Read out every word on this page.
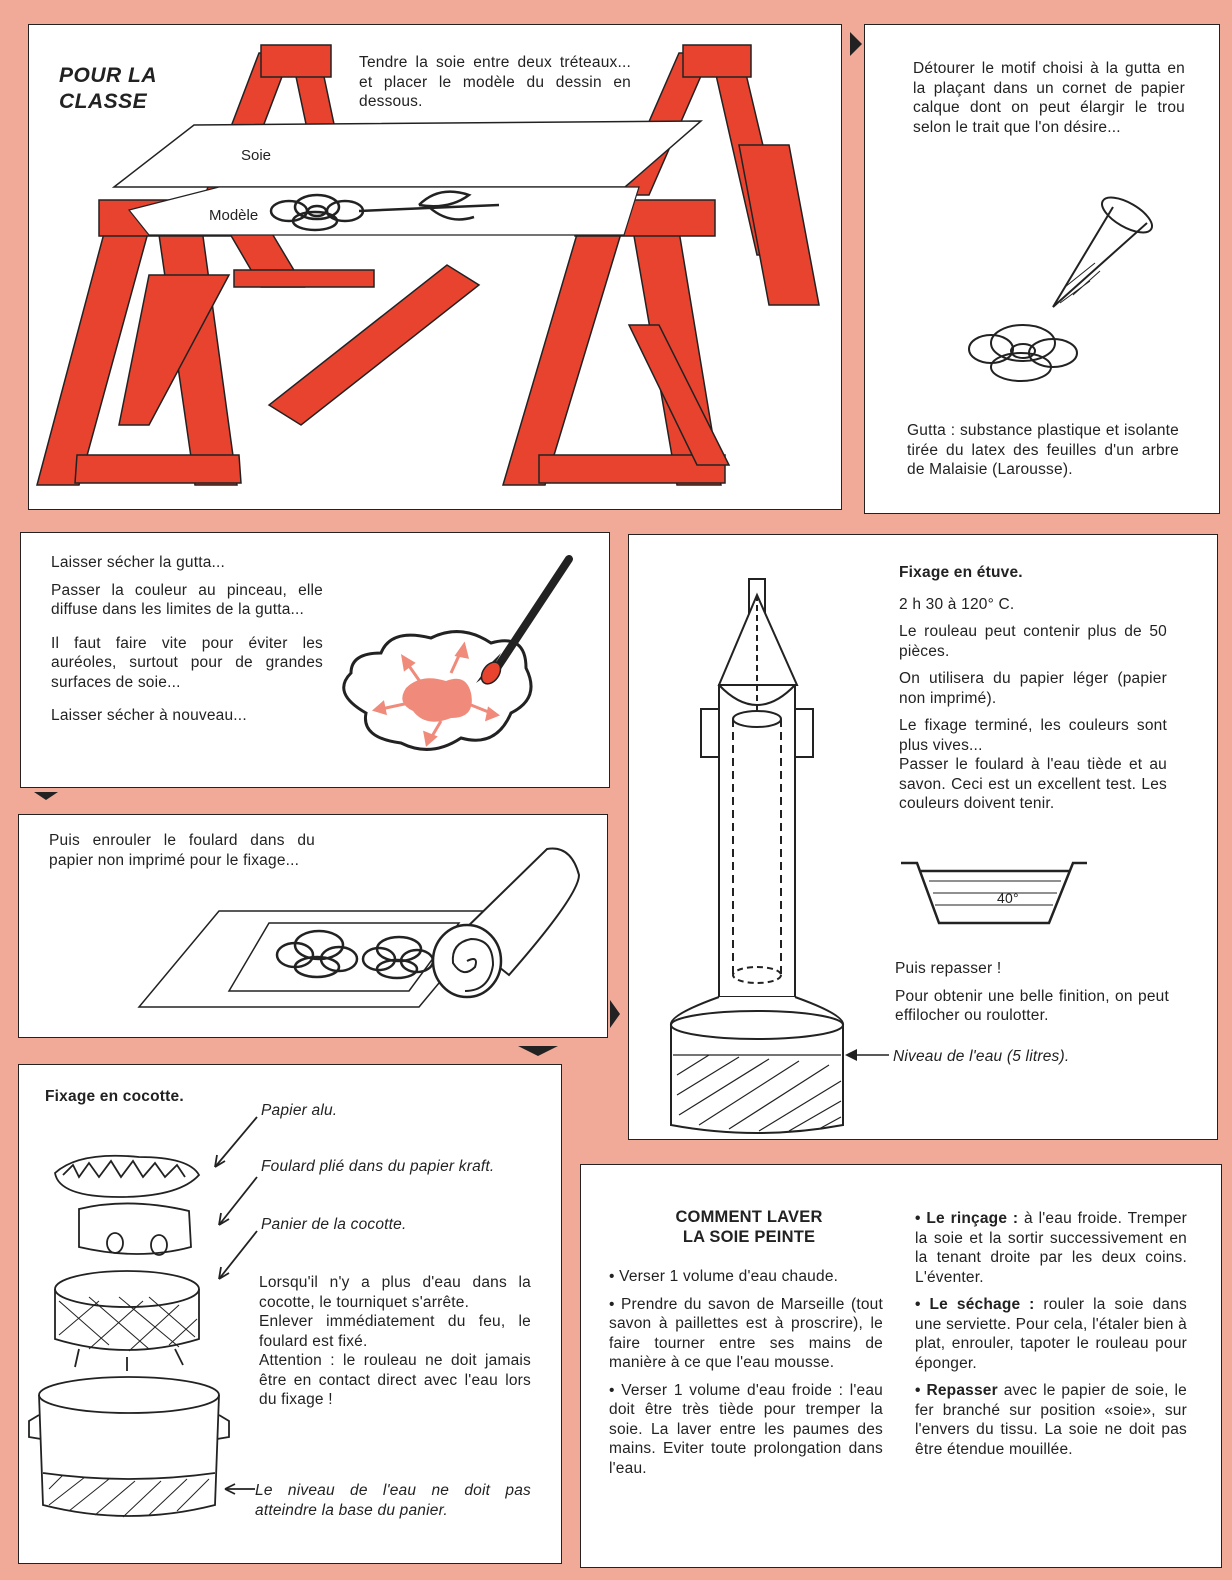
POUR LA
CLASSE
Tendre la soie entre deux tréteaux... et placer le modèle du dessin en dessous.
Soie
Modèle
Détourer le motif choisi à la gutta en la plaçant dans un cornet de papier calque dont on peut élargir le trou selon le trait que l'on désire...
Gutta : substance plastique et isolante tirée du latex des feuilles d'un arbre de Malaisie (Larousse).

Laisser sécher la gutta...

Passer la couleur au pinceau, elle diffuse dans les limites de la gutta...

Il faut faire vite pour éviter les auréoles, surtout pour de grandes surfaces de soie...

Laisser sécher à nouveau...

Puis enrouler le foulard dans du papier non imprimé pour le fixage...
40°

Fixage en étuve.

2 h 30 à 120° C.

Le rouleau peut contenir plus de 50 pièces.

On utilisera du papier léger (papier non imprimé).

Le fixage terminé, les couleurs sont plus vives...

Passer le foulard à l'eau tiède et au savon. Ceci est un excellent test. Les couleurs doivent tenir.

Puis repasser !

Pour obtenir une belle finition, on peut effilocher ou roulotter.

Niveau de l'eau (5 litres).
Fixage en cocotte.
Papier alu.
Foulard plié dans du papier kraft.
Panier de la cocotte.

Lorsqu'il n'y a plus d'eau dans la cocotte, le tourniquet s'arrête.

Enlever immédiatement du feu, le foulard est fixé.

Attention : le rouleau ne doit jamais être en contact direct avec l'eau lors du fixage !

Le niveau de l'eau ne doit pas atteindre la base du panier.
COMMENT LAVER
LA SOIE PEINTE

• Verser 1 volume d'eau chaude.

• Prendre du savon de Marseille (tout savon à paillettes est à proscrire), le faire tourner entre ses mains de manière à ce que l'eau mousse.

• Verser 1 volume d'eau froide : l'eau doit être très tiède pour tremper la soie. La laver entre les paumes des mains. Eviter toute prolongation dans l'eau.

• Le rinçage : à l'eau froide. Tremper la soie et la sortir successivement en la tenant droite par les deux coins. L'éventer.

• Le séchage : rouler la soie dans une serviette. Pour cela, l'étaler bien à plat, enrouler, tapoter le rouleau pour éponger.

• Repasser avec le papier de soie, le fer branché sur position «soie», sur l'envers du tissu. La soie ne doit pas être étendue mouillée.
